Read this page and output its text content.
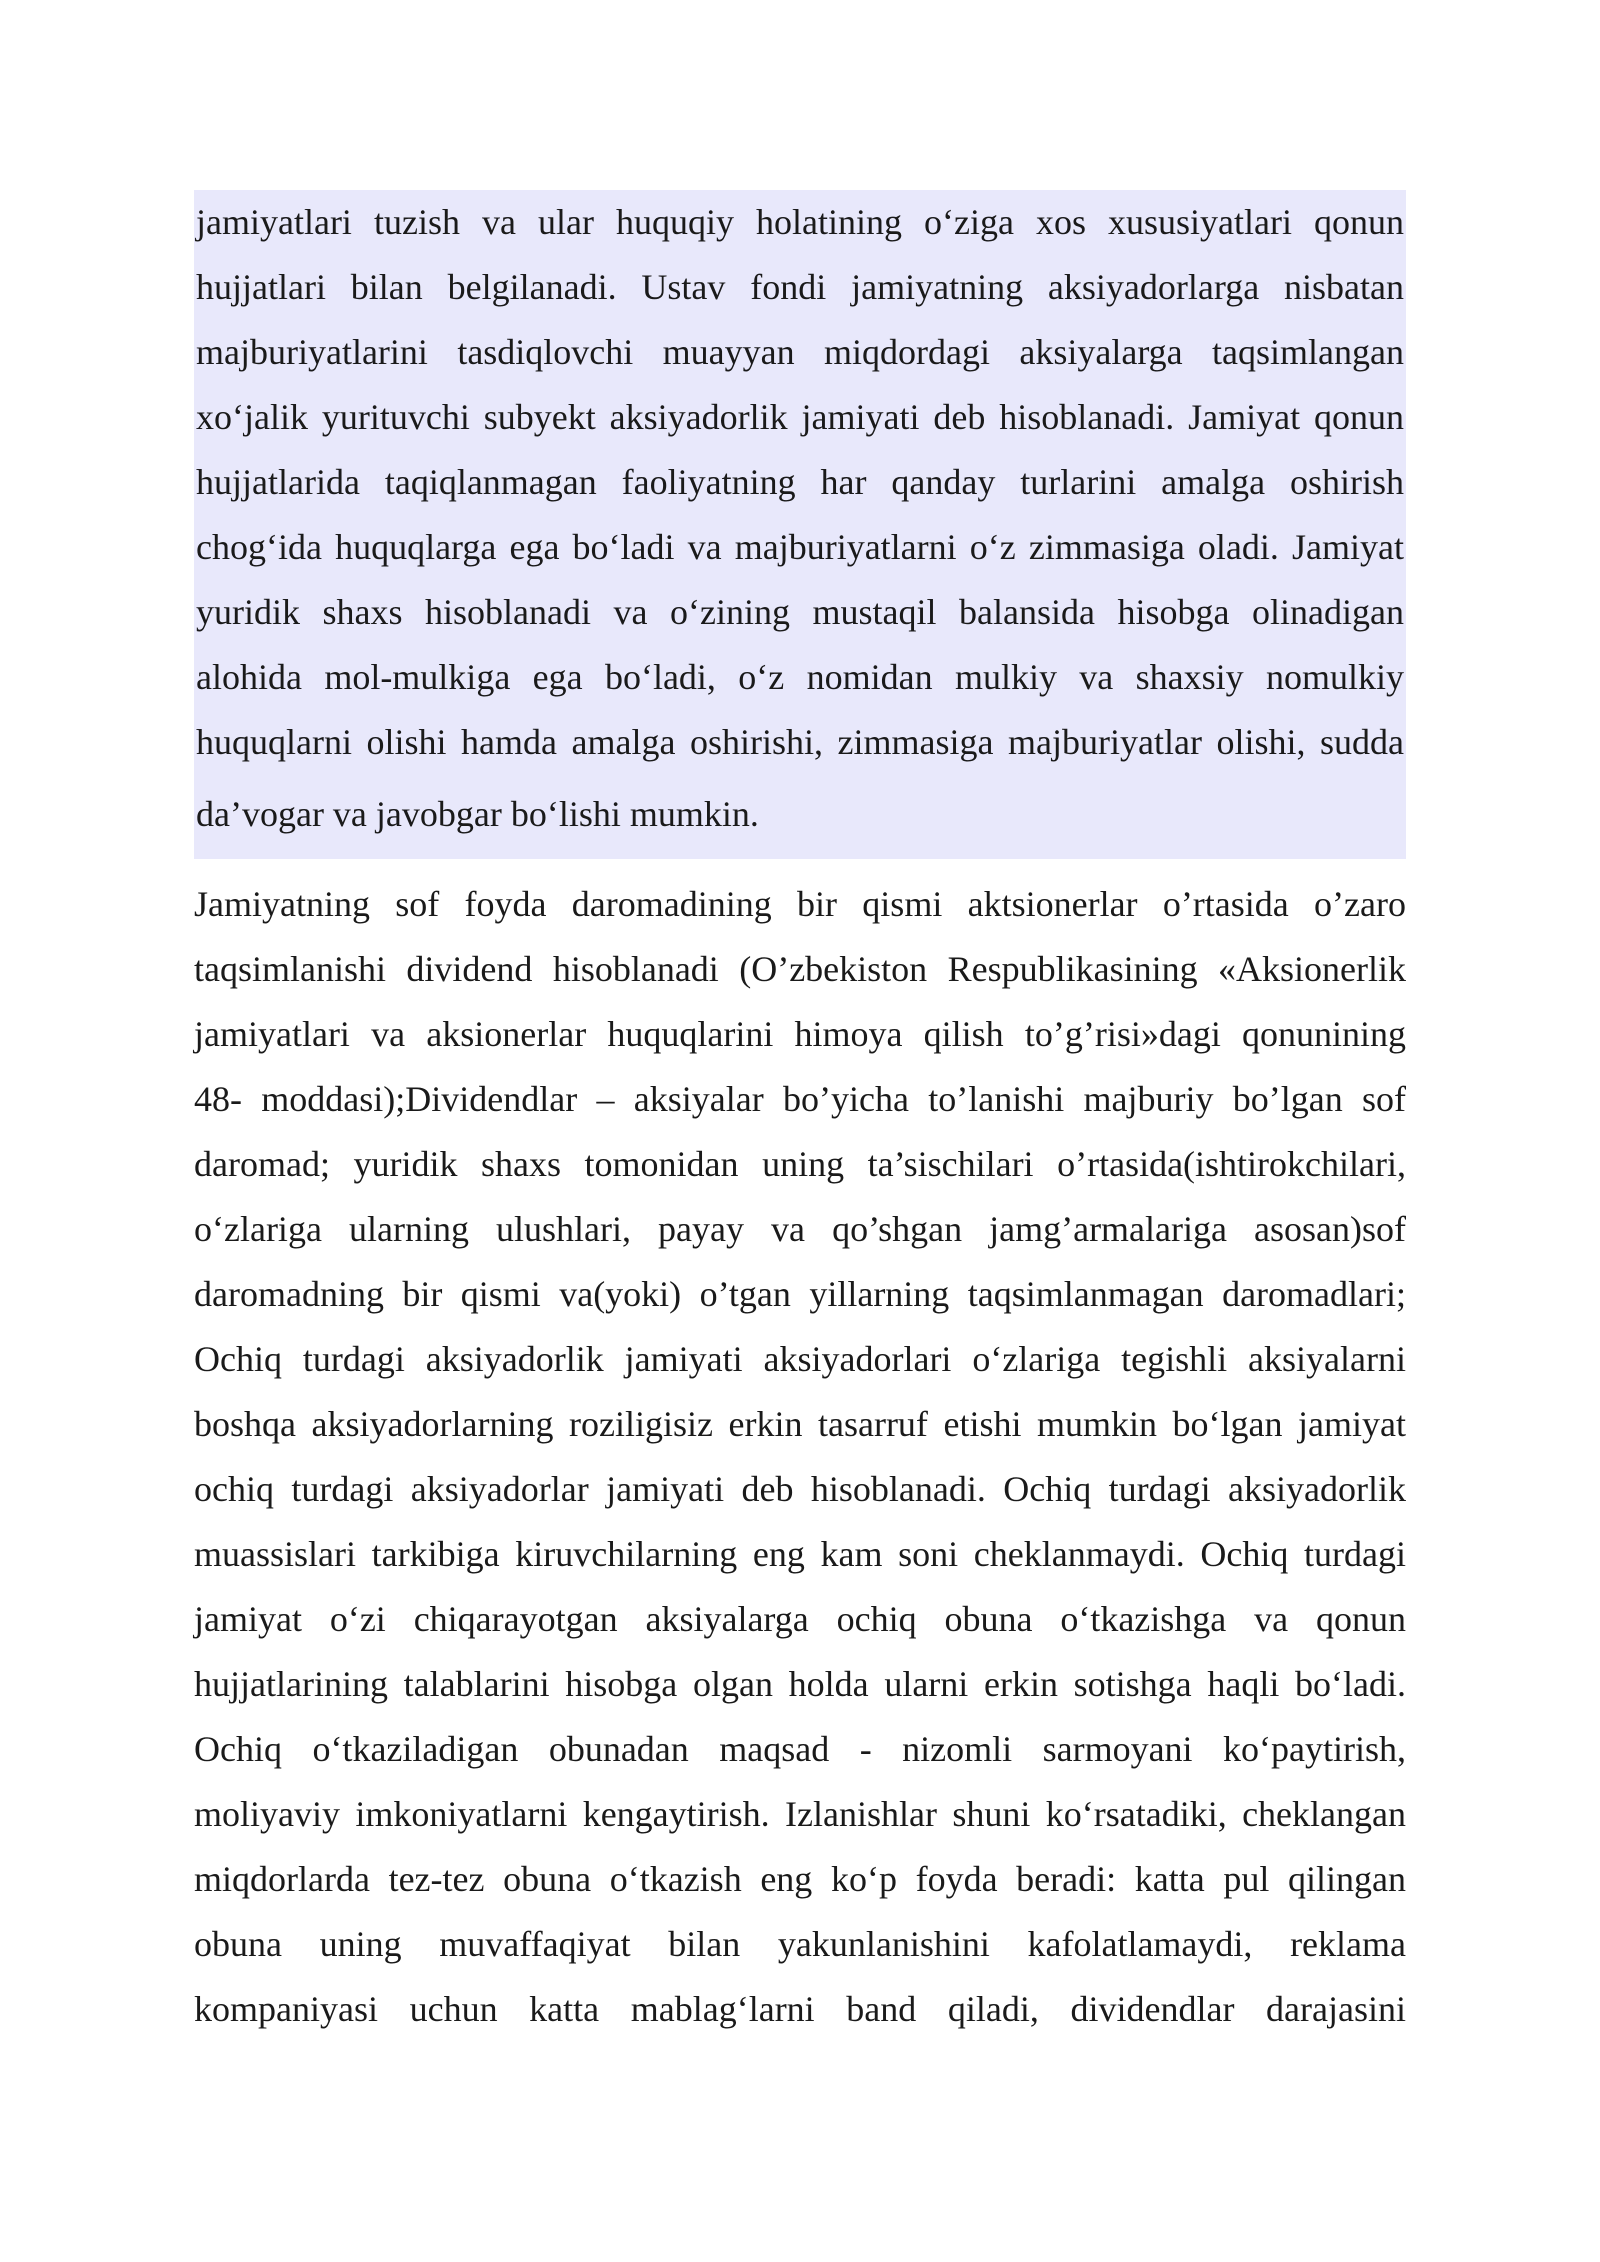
jamiyatlari tuzish va ular huquqiy holatining o‘ziga xos xususiyatlari qonun
hujjatlari bilan belgilanadi. Ustav fondi jamiyatning aksiyadorlarga nisbatan
majburiyatlarini tasdiqlovchi muayyan miqdordagi aksiyalarga taqsimlangan
xo‘jalik yurituvchi subyekt aksiyadorlik jamiyati deb hisoblanadi. Jamiyat qonun
hujjatlarida taqiqlanmagan faoliyatning har qanday turlarini amalga oshirish
chog‘ida huquqlarga ega bo‘ladi va majburiyatlarni o‘z zimmasiga oladi. Jamiyat
yuridik shaxs hisoblanadi va o‘zining mustaqil balansida hisobga olinadigan
alohida mol-mulkiga ega bo‘ladi, o‘z nomidan mulkiy va shaxsiy nomulkiy
huquqlarni olishi hamda amalga oshirishi, zimmasiga majburiyatlar olishi, sudda
da’vogar va javobgar bo‘lishi mumkin.
Jamiyatning sof foyda daromadining bir qismi aktsionerlar o’rtasida o’zaro
taqsimlanishi dividend hisoblanadi (O’zbekiston Respublikasining «Aksionerlik
jamiyatlari va aksionerlar huquqlarini himoya qilish to’g’risi»dagi qonunining
48- moddasi);Dividendlar – aksiyalar bo’yicha to’lanishi majburiy bo’lgan sof
daromad; yuridik shaxs tomonidan uning ta’sischilari o’rtasida(ishtirokchilari,
o‘zlariga ularning ulushlari, payay va qo’shgan jamg’armalariga asosan)sof
daromadning bir qismi va(yoki) o’tgan yillarning taqsimlanmagan daromadlari;
Ochiq turdagi aksiyadorlik jamiyati aksiyadorlari o‘zlariga tegishli aksiyalarni
boshqa aksiyadorlarning roziligisiz erkin tasarruf etishi mumkin bo‘lgan jamiyat
ochiq turdagi aksiyadorlar jamiyati deb hisoblanadi. Ochiq turdagi aksiyadorlik
muassislari tarkibiga kiruvchilarning eng kam soni cheklanmaydi. Ochiq turdagi
jamiyat o‘zi chiqarayotgan aksiyalarga ochiq obuna o‘tkazishga va qonun
hujjatlarining talablarini hisobga olgan holda ularni erkin sotishga haqli bo‘ladi.
Ochiq o‘tkaziladigan obunadan maqsad - nizomli sarmoyani ko‘paytirish,
moliyaviy imkoniyatlarni kengaytirish. Izlanishlar shuni ko‘rsatadiki, cheklangan
miqdorlarda tez-tez obuna o‘tkazish eng ko‘p foyda beradi: katta pul qilingan
obuna uning muvaffaqiyat bilan yakunlanishini kafolatlamaydi, reklama
kompaniyasi uchun katta mablag‘larni band qiladi, dividendlar darajasini
